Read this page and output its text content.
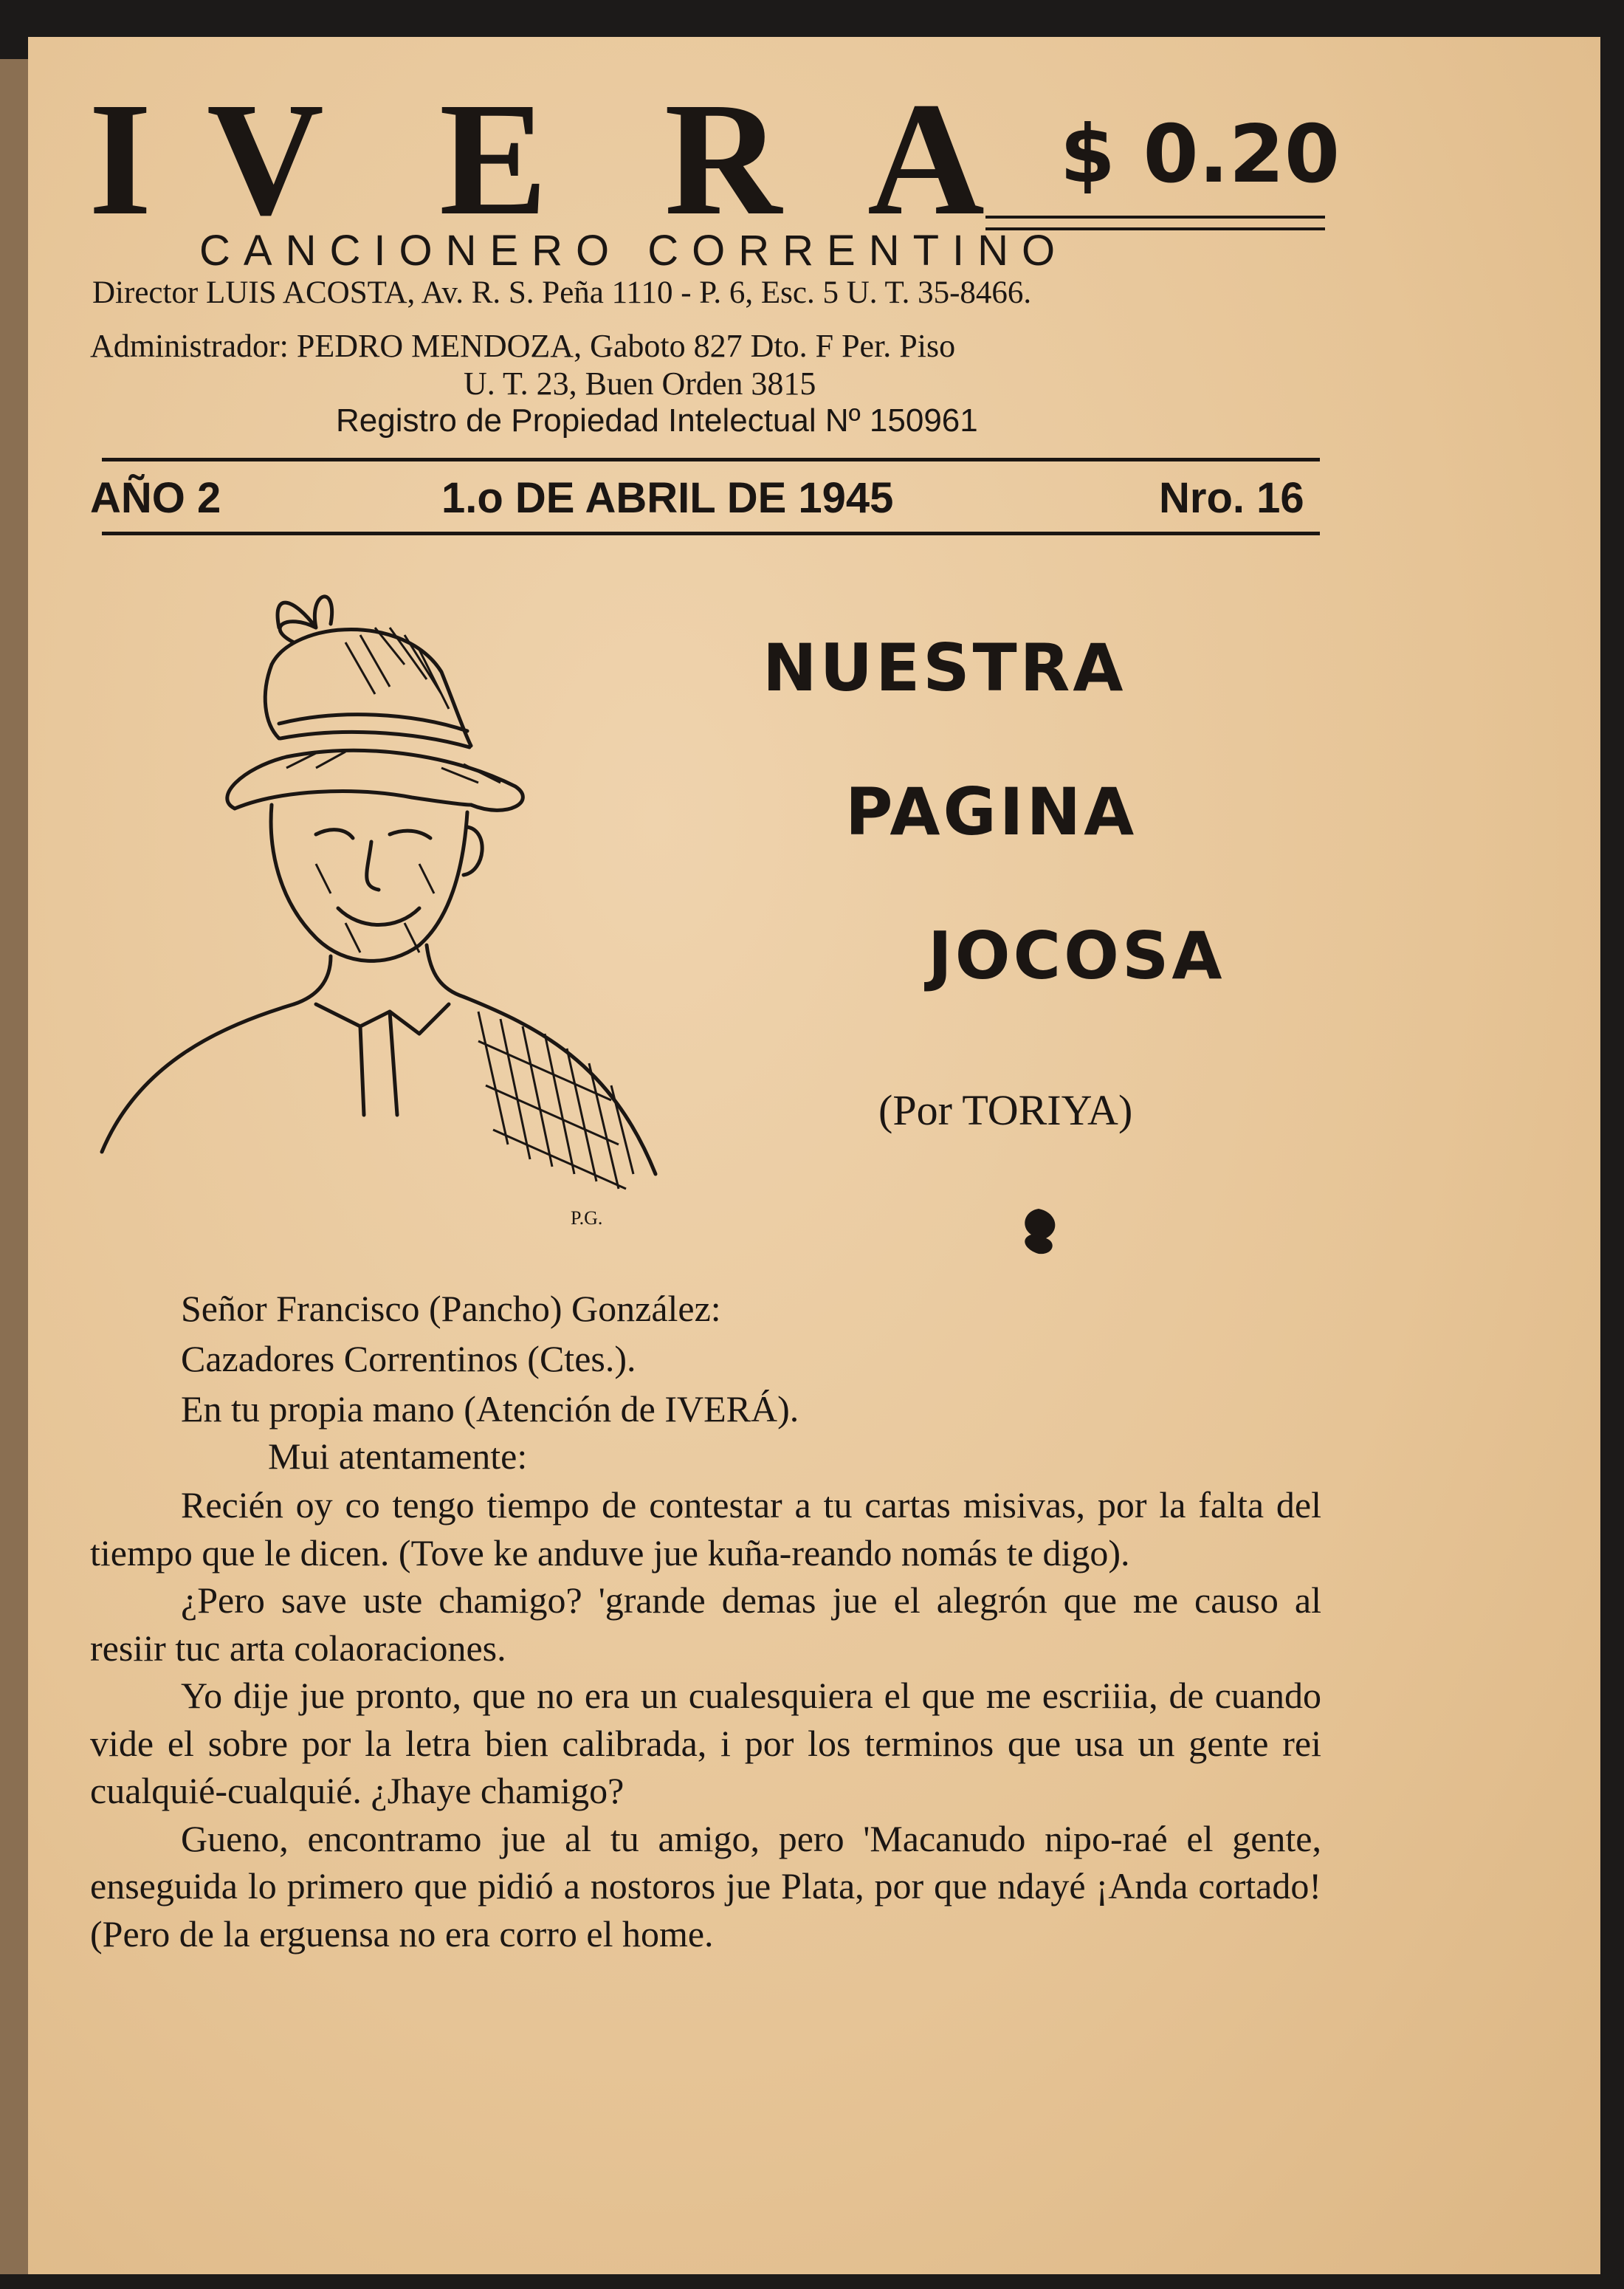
I V E R A $ 0.20
CANCIONERO CORRENTINO
Director LUIS ACOSTA, Av. R. S. Peña 1110 - P. 6, Esc. 5 U. T. 35-8466.
Administrador: PEDRO MENDOZA, Gaboto 827 Dto. F Per. Piso
U. T. 23, Buen Orden 3815
Registro de Propiedad Intelectual Nº 150961
AÑO 2	1.o DE ABRIL DE 1945	Nro. 16
P.G.
NUESTRA
PAGINA
JOCOSA
(Por TORIYA)
Señor Francisco (Pancho) González:
Cazadores Correntinos (Ctes.).
En tu propia mano (Atención de IVERÁ).
Mui atentamente:

Recién oy co tengo tiempo de contestar a tu cartas misivas, por la falta del tiempo que le dicen. (Tove ke anduve jue kuña-reando nomás te digo).

¿Pero save uste chamigo? 'grande demas jue el alegrón que me causo al resiir tuc arta colaoraciones.

Yo dije jue pronto, que no era un cualesquiera el que me escriiia, de cuando vide el sobre por la letra bien calibrada, i por los terminos que usa un gente rei cualquié-cualquié. ¿Jhaye chamigo?

Gueno, encontramo jue al tu amigo, pero 'Macanudo nipo-raé el gente, enseguida lo primero que pidió a nostoros jue Plata, por que ndayé ¡Anda cortado! (Pero de la erguensa no era corro el home.
